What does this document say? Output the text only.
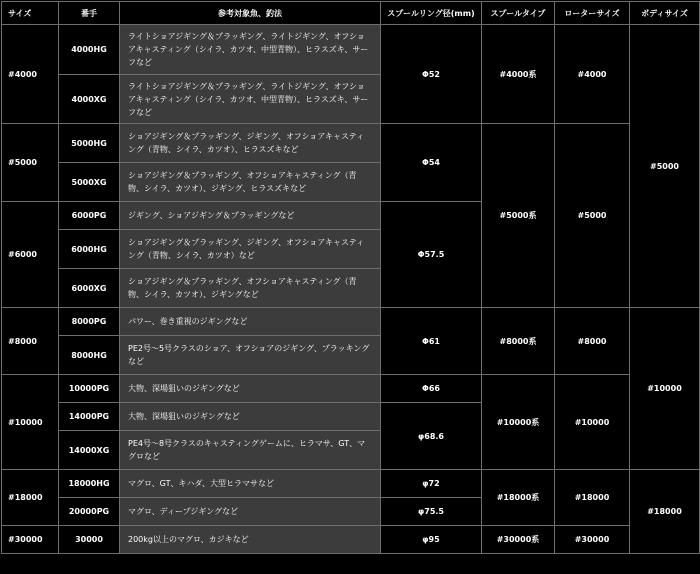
サイズ	番手	参考対象魚、釣法	スプールリング径(mm)	スプールタイプ	ローターサイズ	ボディサイズ
#4000	4000HG	ライトショアジギング＆プラッギング、ライトジギング、オフショアキャスティング（シイラ、カツオ、中型青物）、ヒラスズキ、サーフなど	Φ52	#4000系	#4000	#5000
	4000XG	ライトショアジギング＆プラッギング、ライトジギング、オフショアキャスティング（シイラ、カツオ、中型青物）、ヒラスズキ、サーフなど				
#5000	5000HG	ショアジギング＆プラッギング、ジギング、オフショアキャスティング（青物、シイラ、カツオ）、ヒラスズキなど	Φ54	#5000系	#5000	
	5000XG	ショアジギング＆プラッギング、オフショアキャスティング（青物、シイラ、カツオ）、ジギング、ヒラスズキなど				
#6000	6000PG	ジギング、ショアジギング＆プラッギングなど	Φ57.5			
	6000HG	ショアジギング＆プラッギング、ジギング、オフショアキャスティング（青物、シイラ、カツオ）など				
	6000XG	ショアジギング＆プラッギング、オフショアキャスティング（青物、シイラ、カツオ）、ジギングなど				
#8000	8000PG	パワー、巻き重視のジギングなど	Φ61	#8000系	#8000	#10000
	8000HG	PE2号～5号クラスのショア、オフショアのジギング、プラッキングなど				
#10000	10000PG	大物、深場狙いのジギングなど	Φ66	#10000系	#10000	
	14000PG	大物、深場狙いのジギングなど	φ68.6			
	14000XG	PE4号～8号クラスのキャスティングゲームに、ヒラマサ、GT、マグロなど				
#18000	18000HG	マグロ、GT、キハダ、大型ヒラマサなど	φ72	#18000系	#18000	#18000
	20000PG	マグロ、ディープジギングなど	φ75.5			
#30000	30000	200kg以上のマグロ、カジキなど	φ95	#30000系	#30000	
